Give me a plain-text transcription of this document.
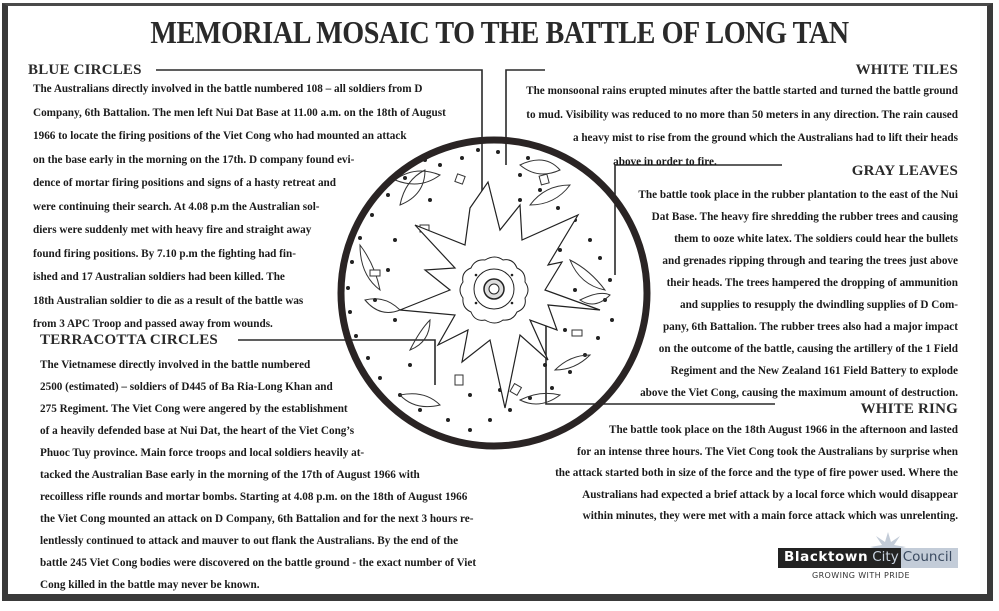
MEMORIAL MOSAIC TO THE BATTLE OF LONG TAN
BLUE CIRCLES
The Australians directly involved in the battle numbered 108 – all soldiers from D
Company, 6th Battalion. The men left Nui Dat Base at 11.00 a.m. on the 18th of August
1966 to locate the firing positions of the Viet Cong who had mounted an attack
on the base early in the morning on the 17th. D company found evi-
dence of mortar firing positions and signs of a hasty retreat and
were continuing their search. At 4.08 p.m the Australian sol-
diers were suddenly met with heavy fire and straight away
found firing positions. By 7.10 p.m the fighting had fin-
ished and 17 Australian soldiers had been killed. The
18th Australian soldier to die as a result of the battle was
from 3 APC Troop and passed away from wounds.
TERRACOTTA CIRCLES
The Vietnamese directly involved in the battle numbered
2500 (estimated) – soldiers of D445 of Ba Ria-Long Khan and
275 Regiment. The Viet Cong were angered by the establishment
of a heavily defended base at Nui Dat, the heart of the Viet Cong’s
Phuoc Tuy province. Main force troops and local soldiers heavily at-
tacked the Australian Base early in the morning of the 17th of August 1966 with
recoilless rifle rounds and mortar bombs. Starting at 4.08 p.m. on the 18th of August 1966
the Viet Cong mounted an attack on D Company, 6th Battalion and for the next 3 hours re-
lentlessly continued to attack and mauver to out flank the Australians. By the end of the
battle 245 Viet Cong bodies were discovered on the battle ground - the exact number of Viet
Cong killed in the battle may never be known.
WHITE TILES
The monsoonal rains erupted minutes after the battle started and turned the battle ground
to mud. Visibility was reduced to no more than 50 meters in any direction. The rain caused
a heavy mist to rise from the ground which the Australians had to lift their heads
above in order to fire.
GRAY LEAVES
The battle took place in the rubber plantation to the east of the Nui
Dat Base. The heavy fire shredding the rubber trees and causing
them to ooze white latex. The soldiers could hear the bullets
and grenades ripping through and tearing the trees just above
their heads. The trees hampered the dropping of ammunition
and supplies to resupply the dwindling supplies of D Com-
pany, 6th Battalion. The rubber trees also had a major impact
on the outcome of the battle, causing the artillery of the 1 Field
Regiment and the New Zealand 161 Field Battery to explode
above the Viet Cong, causing the maximum amount of destruction.
WHITE RING
The battle took place on the 18th August 1966 in the afternoon and lasted
for an intense three hours. The Viet Cong took the Australians by surprise when
the attack started both in size of the force and the type of fire power used. Where the
Australians had expected a brief attack by a local force which would disappear
within minutes, they were met with a main force attack which was unrelenting.
Blacktown City Council
GROWING WITH PRIDE
